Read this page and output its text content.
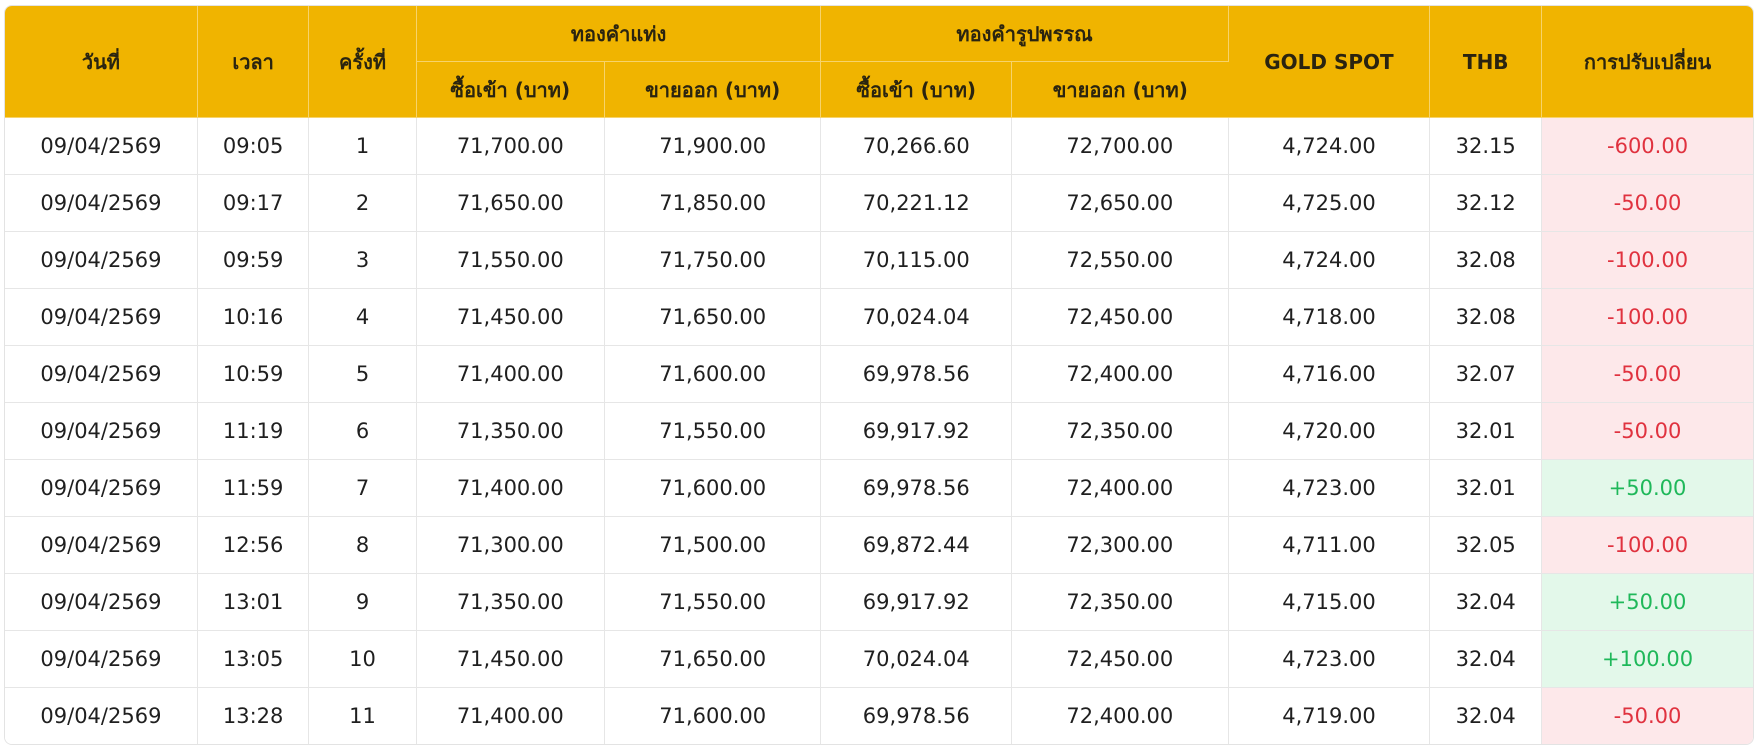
วันที่	เวลา	ครั้งที่	ทองคำแท่ง		ทองคำรูปพรรณ		GOLD SPOT	THB	การปรับเปลี่ยน
			ซื้อเข้า (บาท)	ขายออก (บาท)	ซื้อเข้า (บาท)	ขายออก (บาท)			
09/04/2569	09:05	1	71,700.00	71,900.00	70,266.60	72,700.00	4,724.00	32.15	-600.00
09/04/2569	09:17	2	71,650.00	71,850.00	70,221.12	72,650.00	4,725.00	32.12	-50.00
09/04/2569	09:59	3	71,550.00	71,750.00	70,115.00	72,550.00	4,724.00	32.08	-100.00
09/04/2569	10:16	4	71,450.00	71,650.00	70,024.04	72,450.00	4,718.00	32.08	-100.00
09/04/2569	10:59	5	71,400.00	71,600.00	69,978.56	72,400.00	4,716.00	32.07	-50.00
09/04/2569	11:19	6	71,350.00	71,550.00	69,917.92	72,350.00	4,720.00	32.01	-50.00
09/04/2569	11:59	7	71,400.00	71,600.00	69,978.56	72,400.00	4,723.00	32.01	+50.00
09/04/2569	12:56	8	71,300.00	71,500.00	69,872.44	72,300.00	4,711.00	32.05	-100.00
09/04/2569	13:01	9	71,350.00	71,550.00	69,917.92	72,350.00	4,715.00	32.04	+50.00
09/04/2569	13:05	10	71,450.00	71,650.00	70,024.04	72,450.00	4,723.00	32.04	+100.00
09/04/2569	13:28	11	71,400.00	71,600.00	69,978.56	72,400.00	4,719.00	32.04	-50.00
